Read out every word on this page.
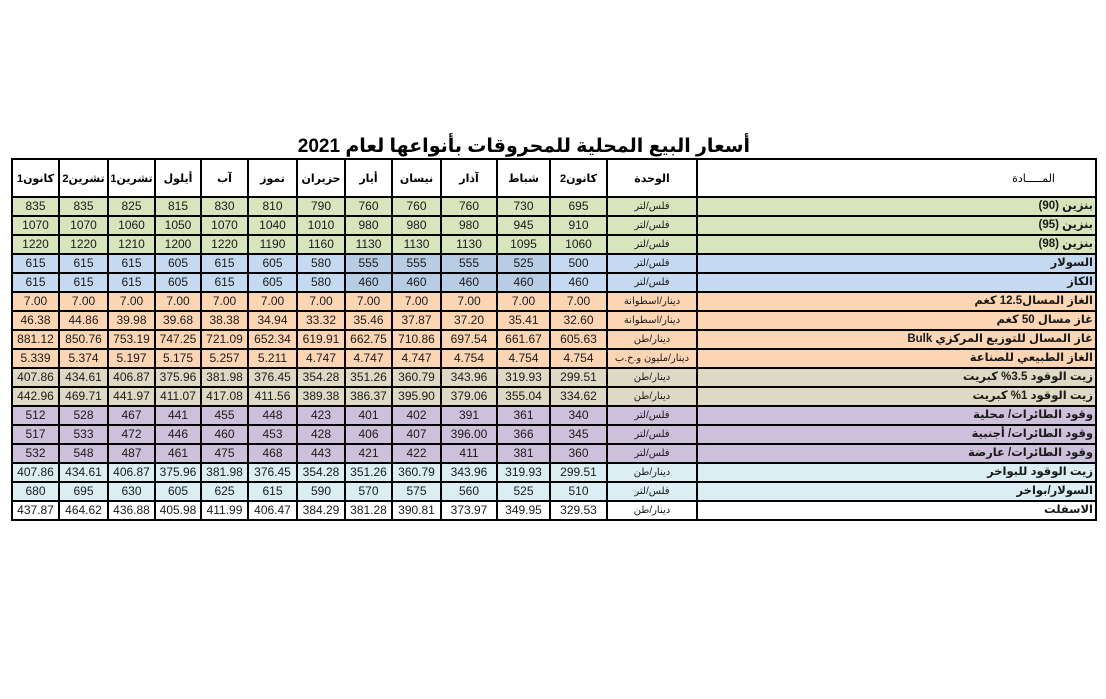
أسعار البيع المحلية للمحروقات بأنواعها لعام 2021
كانون1	تشرين2	تشرين1	أيلول	آب	تموز	حزيران	أيار	نيسان	آذار	شباط	كانون2	الوحدة	المـــــادة
835	835	825	815	830	810	790	760	760	760	730	695	فلس/لتر	بنزين (90)
1070	1070	1060	1050	1070	1040	1010	980	980	980	945	910	فلس/لتر	بنزين (95)
1220	1220	1210	1200	1220	1190	1160	1130	1130	1130	1095	1060	فلس/لتر	بنزين (98)
615	615	615	605	615	605	580	555	555	555	525	500	فلس/لتر	السولار
615	615	615	605	615	605	580	460	460	460	460	460	فلس/لتر	الكاز
7.00	7.00	7.00	7.00	7.00	7.00	7.00	7.00	7.00	7.00	7.00	7.00	دينار/اسطوانة	الغاز المسال12.5 كغم
46.38	44.86	39.98	39.68	38.38	34.94	33.32	35.46	37.87	37.20	35.41	32.60	دينار/اسطوانة	غاز مسال 50 كغم
881.12	850.76	753.19	747.25	721.09	652.34	619.91	662.75	710.86	697.54	661.67	605.63	دينار/طن	غاز المسال للتوزيع المركزي Bulk
5.339	5.374	5.197	5.175	5.257	5.211	4.747	4.747	4.747	4.754	4.754	4.754	دينار/مليون و.ح.ب	الغاز الطبيعي للصناعة
407.86	434.61	406.87	375.96	381.98	376.45	354.28	351.26	360.79	343.96	319.93	299.51	دينار/طن	زيت الوقود 3.5% كبريت
442.96	469.71	441.97	411.07	417.08	411.56	389.38	386.37	395.90	379.06	355.04	334.62	دينار/طن	زيت الوقود 1% كبريت
512	528	467	441	455	448	423	401	402	391	361	340	فلس/لتر	وقود الطائرات/ محلية
517	533	472	446	460	453	428	406	407	396.00	366	345	فلس/لتر	وقود الطائرات/ أجنبية
532	548	487	461	475	468	443	421	422	411	381	360	فلس/لتر	وقود الطائرات/ عارضة
407.86	434.61	406.87	375.96	381.98	376.45	354.28	351.26	360.79	343.96	319.93	299.51	دينار/طن	زيت الوقود للبواخر
680	695	630	605	625	615	590	570	575	560	525	510	فلس/لتر	السولار/بواخر
437.87	464.62	436.88	405.98	411.99	406.47	384.29	381.28	390.81	373.97	349.95	329.53	دينار/طن	الاسفلت
